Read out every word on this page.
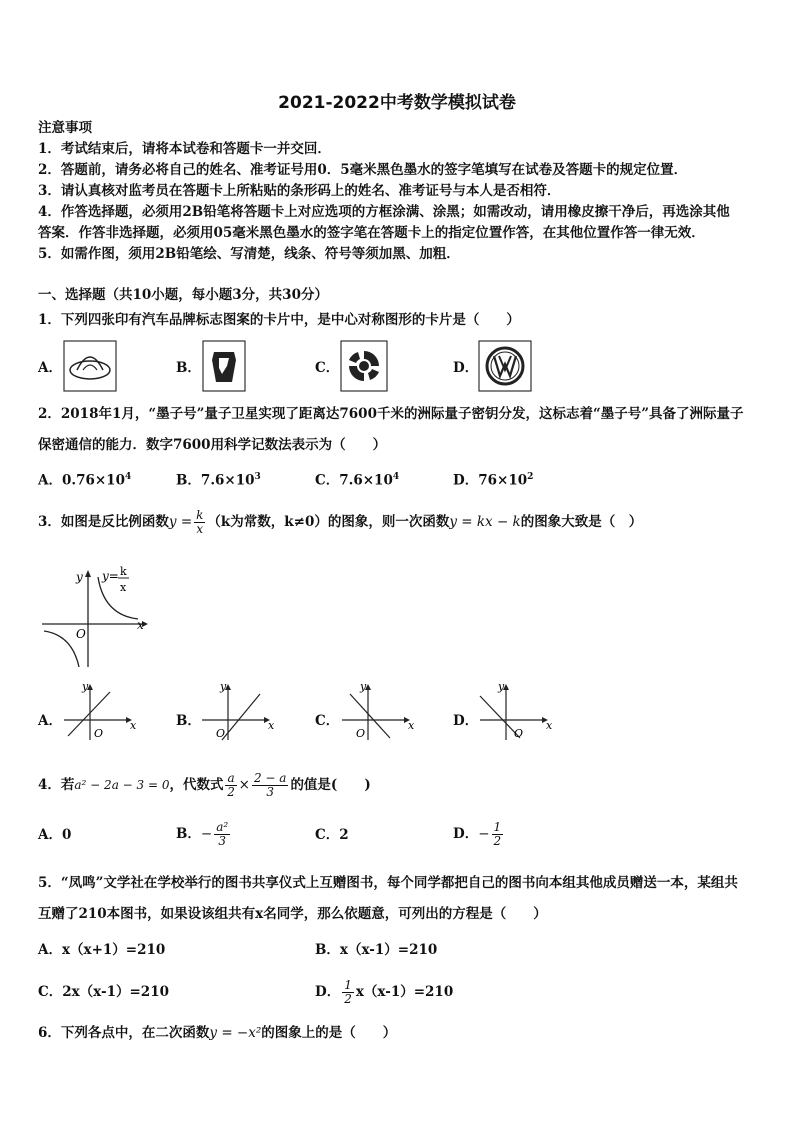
2021-2022中考数学模拟试卷
注意事项
1．考试结束后，请将本试卷和答题卡一并交回．
2．答题前，请务必将自己的姓名、准考证号用0．5毫米黑色墨水的签字笔填写在试卷及答题卡的规定位置．
3．请认真核对监考员在答题卡上所粘贴的条形码上的姓名、准考证号与本人是否相符．
4．作答选择题，必须用2B铅笔将答题卡上对应选项的方框涂满、涂黑；如需改动，请用橡皮擦干净后，再选涂其他
答案．作答非选择题，必须用05毫米黑色墨水的签字笔在答题卡上的指定位置作答，在其他位置作答一律无效．
5．如需作图，须用2B铅笔绘、写清楚，线条、符号等须加黑、加粗．
一、选择题（共10小题，每小题3分，共30分）
1．下列四张印有汽车品牌标志图案的卡片中，是中心对称图形的卡片是（　　）
A．	B．	C．	D．
2．2018年1月，“墨子号”量子卫星实现了距离达7600千米的洲际量子密钥分发，这标志着“墨子号”具备了洲际量子
保密通信的能力．数字7600用科学记数法表示为（　　）
A．$0.76\times 10^4$	B．$7.6\times 10^3$	C．$7.6\times 10^4$	D．$76\times 10^2$
3．如图是反比例函数$y = \frac{k}{x} (k$为常数，k≠0）的图象，则一次函数y = kx − k的图象大致是（　）
y
x
O
y= k
x
A．	B．	C．	D．
y
x
O
y
x
O
y
x
O
y
x
O
4．若a² − 2a − 3 = 0，代数式 $\frac{a}{2} \times \frac{2 - a}{3}$ 的值是(　　)
A．0	B．− $\frac{\text{a²}}{3}$	C．2	D．− $\frac{1}{2}$
5．“凤鸣”文学社在学校举行的图书共享仪式上互赠图书，每个同学都把自己的图书向本组其他成员赠送一本，某组共
互赠了210本图书，如果设该组共有x名同学，那么依题意，可列出的方程是（　　）
A．x（x+1）=210	B．x（x-1）=210
C．2x（x-1）=210	D． $\frac{1}{2} x(x-1)=210$
6．下列各点中，在二次函数y = −x²的图象上的是（　　）
